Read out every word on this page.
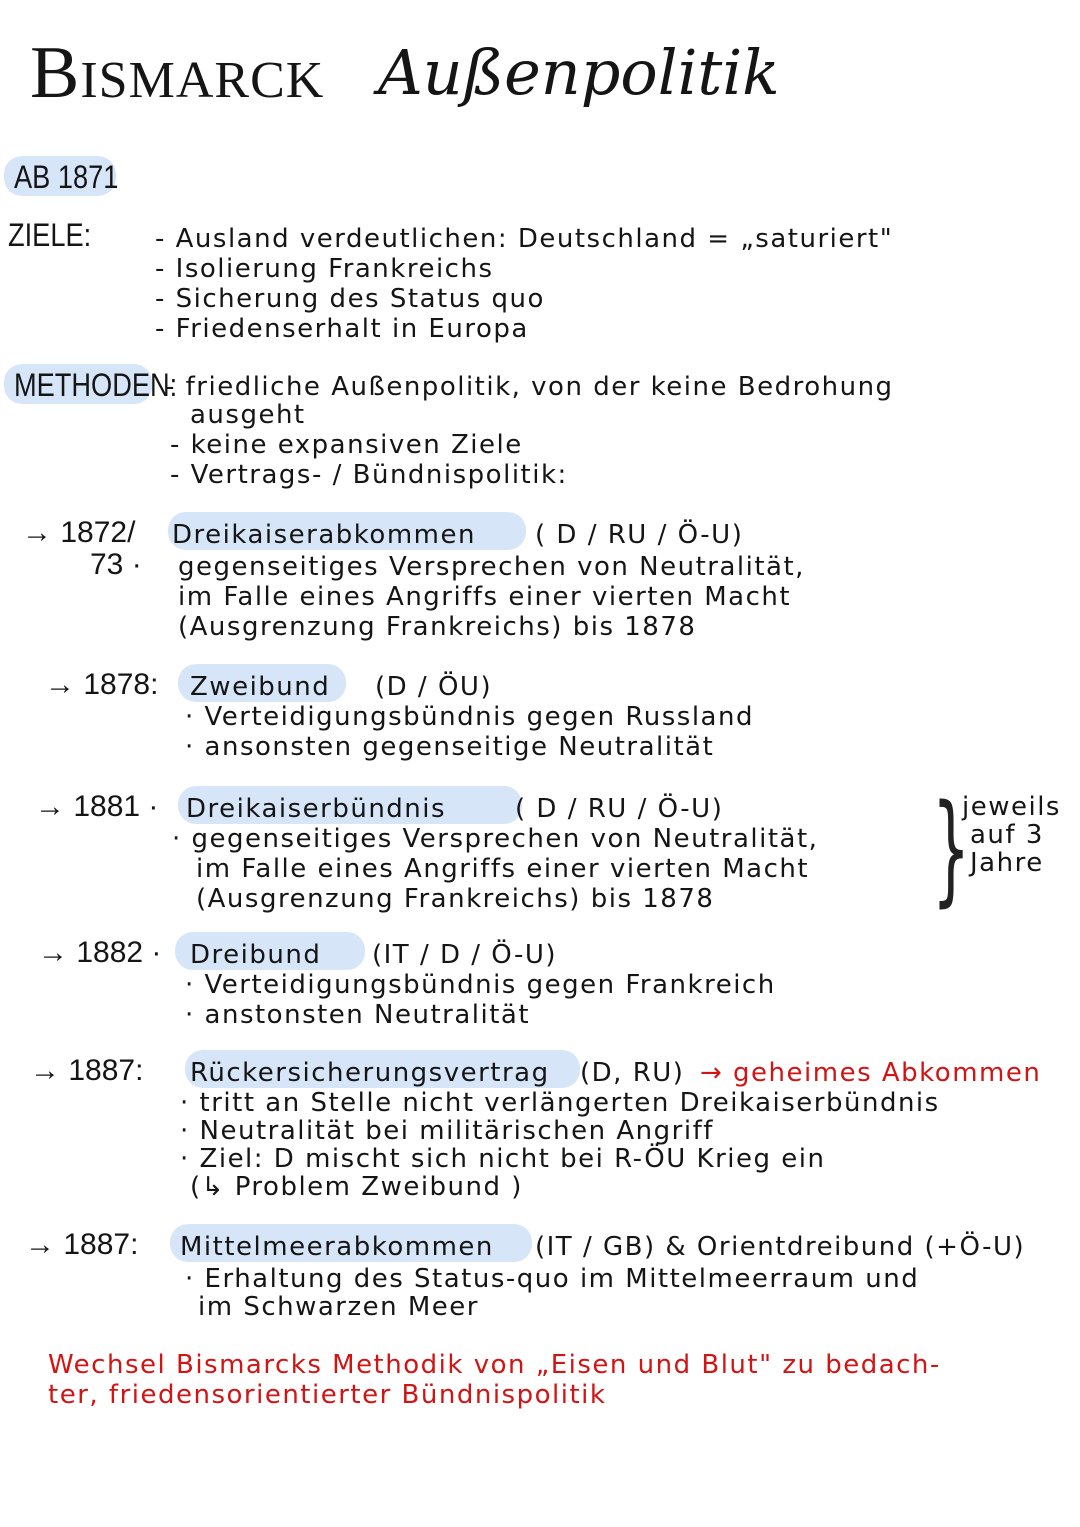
Bismarck Außenpolitik
AB 1871
ZIELE: - Ausland verdeutlichen: Deutschland = „saturiert"
- Isolierung Frankreichs
- Sicherung des Status quo
- Friedenserhalt in Europa
METHODEN:
- friedliche Außenpolitik, von der keine Bedrohung
ausgeht
- keine expansiven Ziele
- Vertrags- / Bündnispolitik:
→ 1872/
73 ·
Dreikaiserabkommen ( D / RU / Ö-U)
gegenseitiges Versprechen von Neutralität,
im Falle eines Angriffs einer vierten Macht
(Ausgrenzung Frankreichs) bis 1878
→ 1878: Zweibund (D / ÖU)
· Verteidigungsbündnis gegen Russland
· ansonsten gegenseitige Neutralität
→ 1881 · Dreikaiserbündnis	( D / RU / Ö-U)
· gegenseitiges Versprechen von Neutralität,
im Falle eines Angriffs einer vierten Macht
(Ausgrenzung Frankreichs) bis 1878 }
jeweils
auf 3
Jahre
→ 1882 · Dreibund (IT / D / Ö-U)
· Verteidigungsbündnis gegen Frankreich
· anstonsten Neutralität
→ 1887: Rückersicherungsvertrag (D, RU) → geheimes Abkommen
· tritt an Stelle nicht verlängerten Dreikaiserbündnis
· Neutralität bei militärischen Angriff
· Ziel: D mischt sich nicht bei R-ÖU Krieg ein
(↳ Problem Zweibund )
→ 1887: Mittelmeerabkommen (IT / GB) & Orientdreibund (+Ö-U)
· Erhaltung des Status-quo im Mittelmeerraum und
im Schwarzen Meer
Wechsel Bismarcks Methodik von „Eisen und Blut" zu bedach-
ter, friedensorientierter Bündnispolitik
